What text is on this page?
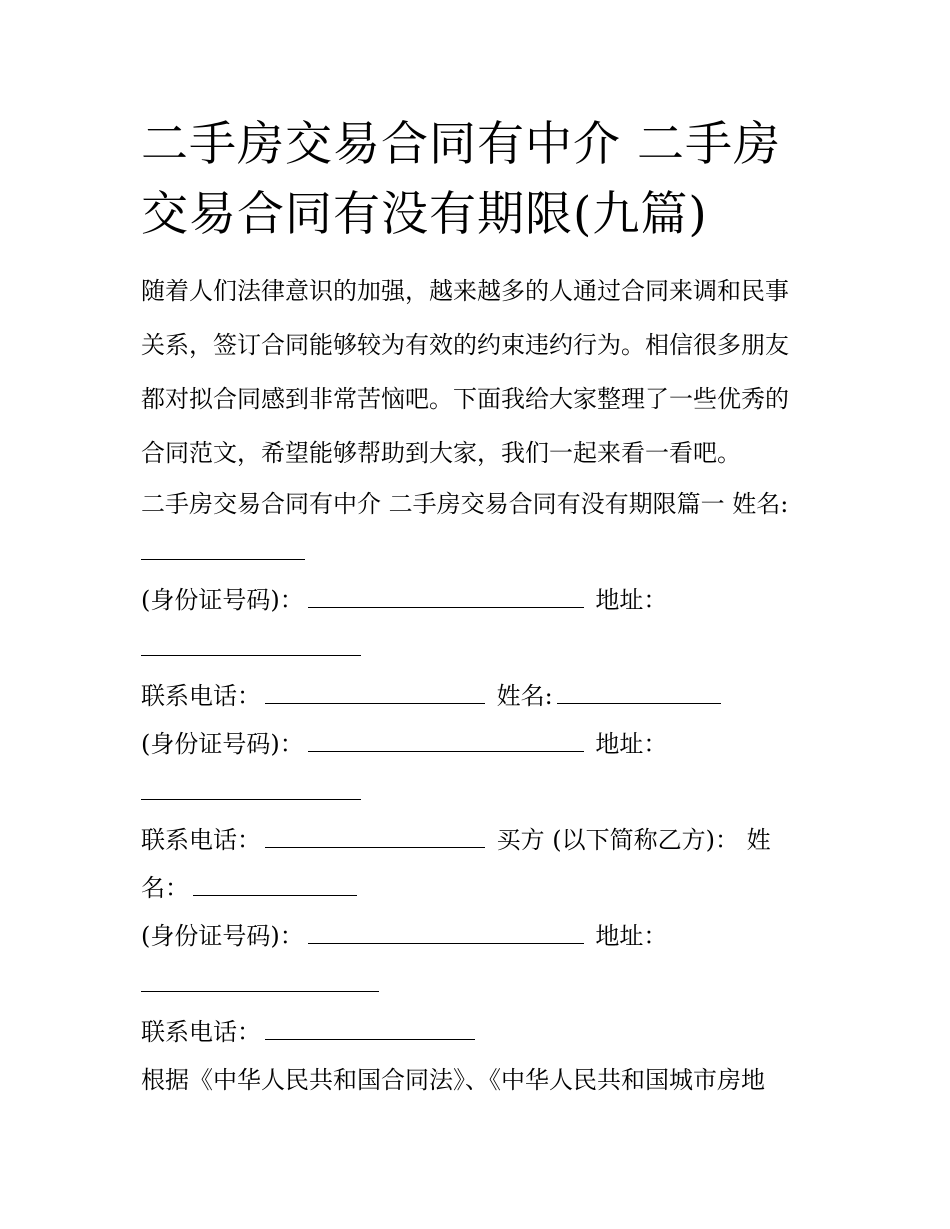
二手房交易合同有中介 二手房
交易合同有没有期限(九篇)

随着人们法律意识的加强，越来越多的人通过合同来调和民事
关系，签订合同能够较为有效的约束违约行为。相信很多朋友
都对拟合同感到非常苦恼吧。下面我给大家整理了一些优秀的
合同范文，希望能够帮助到大家，我们一起来看一看吧。

二手房交易合同有中介 二手房交易合同有没有期限篇一 姓名:
(身份证号码)：	地址：
联系电话：	姓名:
(身份证号码)：	地址：
联系电话：	买方 (以下简称乙方)： 姓
名：
(身份证号码)：	地址：
联系电话：
根据《中华人民共和国合同法》、《中华人民共和国城市房地
